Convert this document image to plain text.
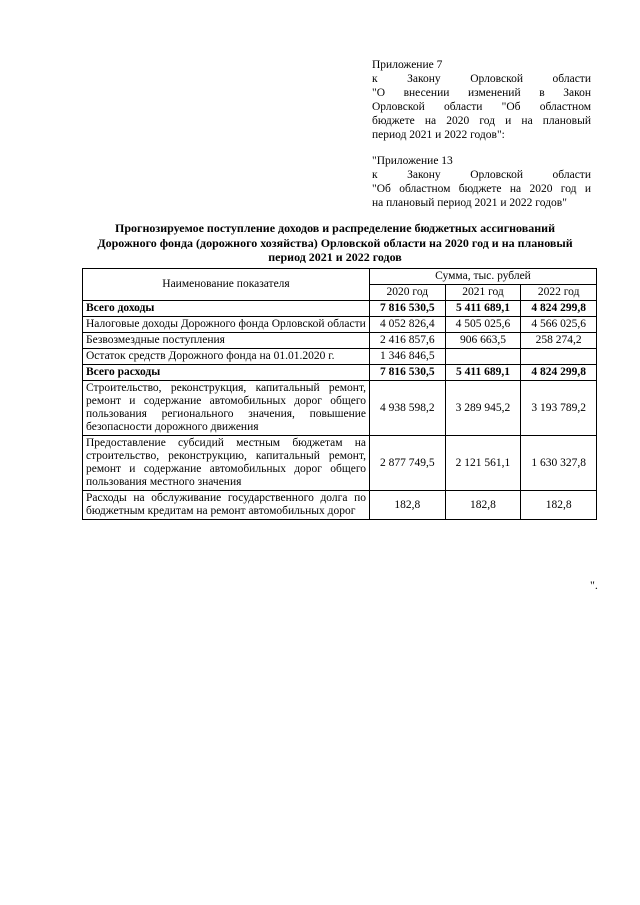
Приложение 7

к Закону Орловской области

"О внесении изменений в Закон

Орловской области "Об областном

бюджете на 2020 год и на плановый

период 2021 и 2022 годов":

"Приложение 13

к Закону Орловской области

"Об областном бюджете на 2020 год и

на плановый период 2021 и 2022 годов"

Прогнозируемое поступление доходов и распределение бюджетных ассигнований
Дорожного фонда (дорожного хозяйства) Орловской области на 2020 год и на плановый
период 2021 и 2022 годов
Наименование показателя	Сумма, тыс. рублей		
	2020 год	2021 год	2022 год
Всего доходы	7 816 530,5	5 411 689,1	4 824 299,8
Налоговые доходы Дорожного фонда Орловской области	4 052 826,4	4 505 025,6	4 566 025,6
Безвозмездные поступления	2 416 857,6	906 663,5	258 274,2
Остаток средств Дорожного фонда на 01.01.2020 г.	1 346 846,5		
Всего расходы	7 816 530,5	5 411 689,1	4 824 299,8
Строительство, реконструкция, капитальный ремонт, ремонт и содержание автомобильных дорог общего пользования регионального значения, повышение безопасности дорожного движения	4 938 598,2	3 289 945,2	3 193 789,2
Предоставление субсидий местным бюджетам на строительство, реконструкцию, капитальный ремонт, ремонт и содержание автомобильных дорог общего пользования местного значения	2 877 749,5	2 121 561,1	1 630 327,8
Расходы на обслуживание государственного долга по бюджетным кредитам на ремонт автомобильных дорог	182,8	182,8	182,8
".
